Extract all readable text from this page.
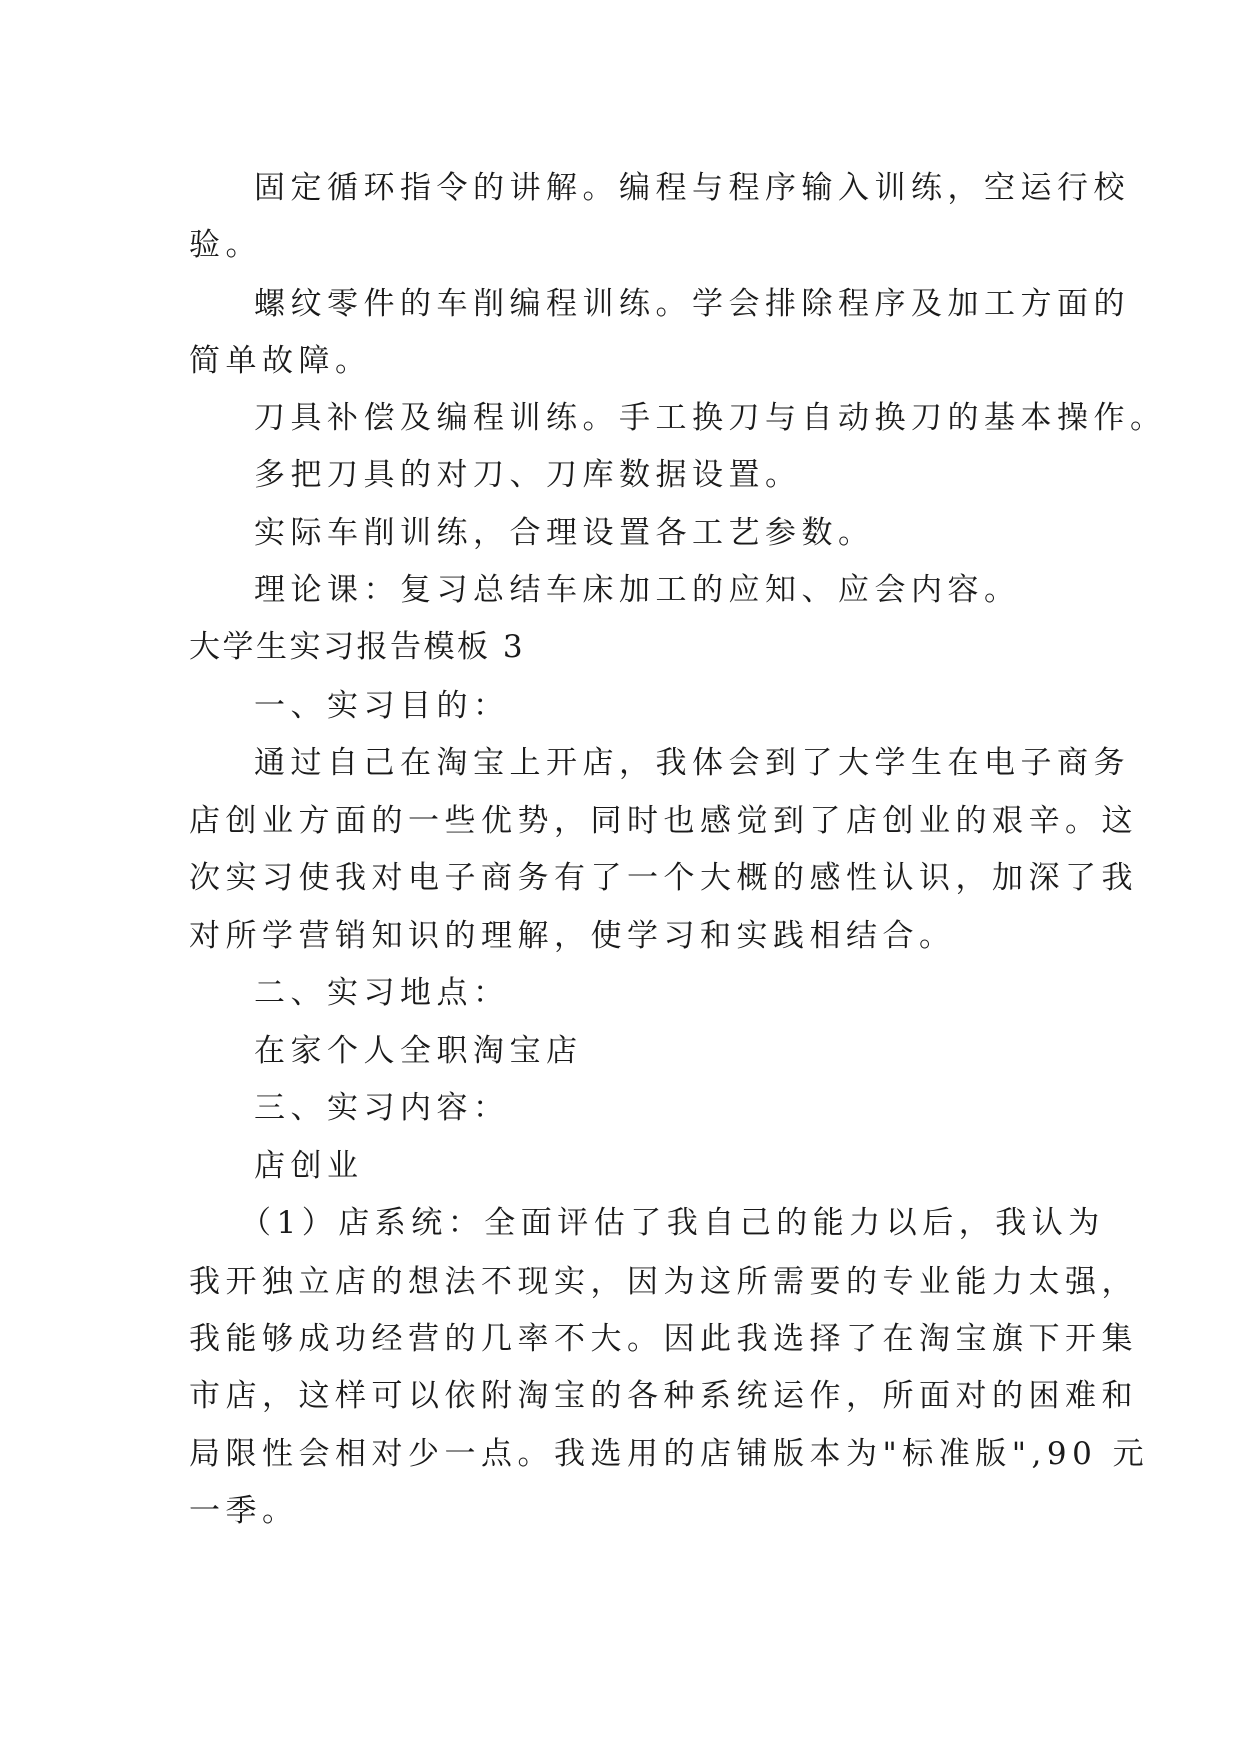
固定循环指令的讲解。编程与程序输入训练，空运行校
验。
螺纹零件的车削编程训练。学会排除程序及加工方面的
简单故障。
刀具补偿及编程训练。手工换刀与自动换刀的基本操作。
多把刀具的对刀、刀库数据设置。
实际车削训练，合理设置各工艺参数。
理论课：复习总结车床加工的应知、应会内容。
大学生实习报告模板 3
一、实习目的：
通过自己在淘宝上开店，我体会到了大学生在电子商务
店创业方面的一些优势，同时也感觉到了店创业的艰辛。这
次实习使我对电子商务有了一个大概的感性认识，加深了我
对所学营销知识的理解，使学习和实践相结合。
二、实习地点：
在家个人全职淘宝店
三、实习内容：
店创业
（1）店系统：全面评估了我自己的能力以后，我认为
我开独立店的想法不现实，因为这所需要的专业能力太强，
我能够成功经营的几率不大。因此我选择了在淘宝旗下开集
市店，这样可以依附淘宝的各种系统运作，所面对的困难和
局限性会相对少一点。我选用的店铺版本为"标准版",90 元
一季。
